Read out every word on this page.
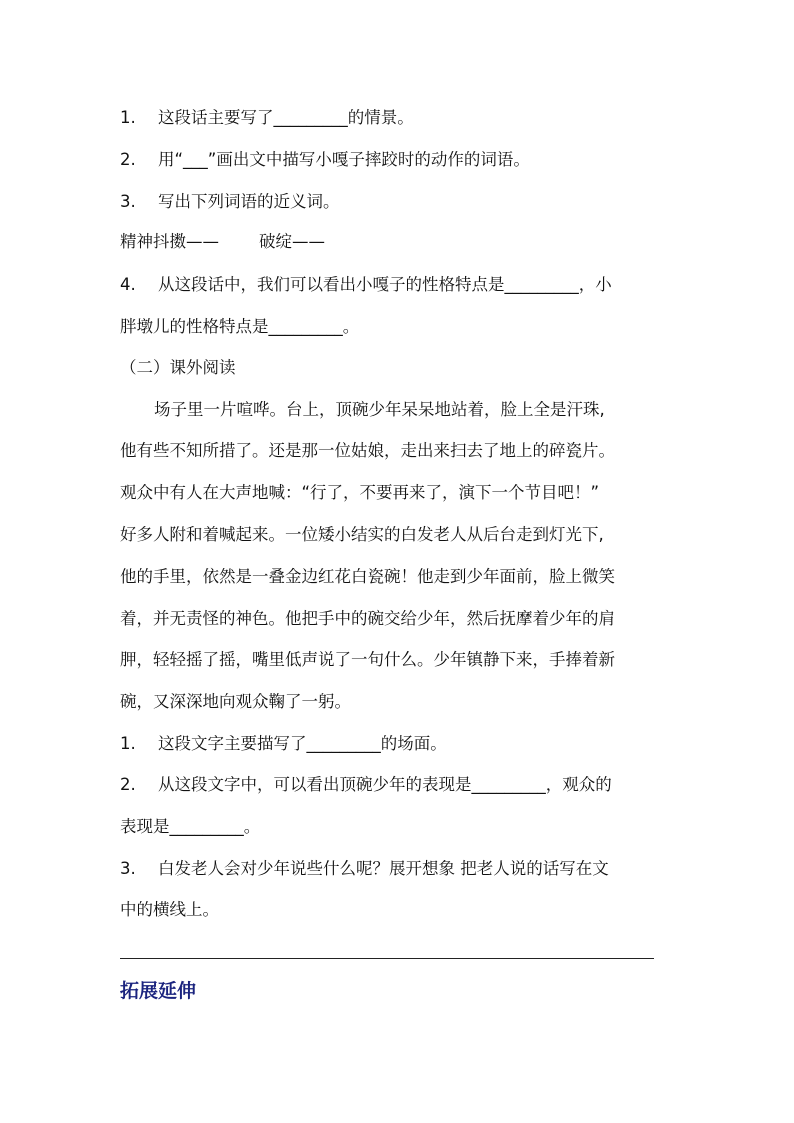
1. 这段话主要写了_________的情景。
2. 用“___”画出文中描写小嘎子摔跤时的动作的词语。
3. 写出下列词语的近义词。
精神抖擞—— 破绽——
4. 从这段话中，我们可以看出小嘎子的性格特点是_________，小
胖墩儿的性格特点是_________。
（二）课外阅读
场子里一片喧哗。台上，顶碗少年呆呆地站着，脸上全是汗珠,
他有些不知所措了。还是那一位姑娘，走出来扫去了地上的碎瓷片。
观众中有人在大声地喊：“行了，不要再来了，演下一个节目吧！”
好多人附和着喊起来。一位矮小结实的白发老人从后台走到灯光下,
他的手里，依然是一叠金边红花白瓷碗！他走到少年面前，脸上微笑
着，并无责怪的神色。他把手中的碗交给少年，然后抚摩着少年的肩
胛，轻轻摇了摇，嘴里低声说了一句什么。少年镇静下来，手捧着新
碗，又深深地向观众鞠了一躬。
1. 这段文字主要描写了_________的场面。
2. 从这段文字中，可以看出顶碗少年的表现是_________，观众的
表现是_________。
3. 白发老人会对少年说些什么呢？展开想象 把老人说的话写在文
中的横线上。
拓展延伸
